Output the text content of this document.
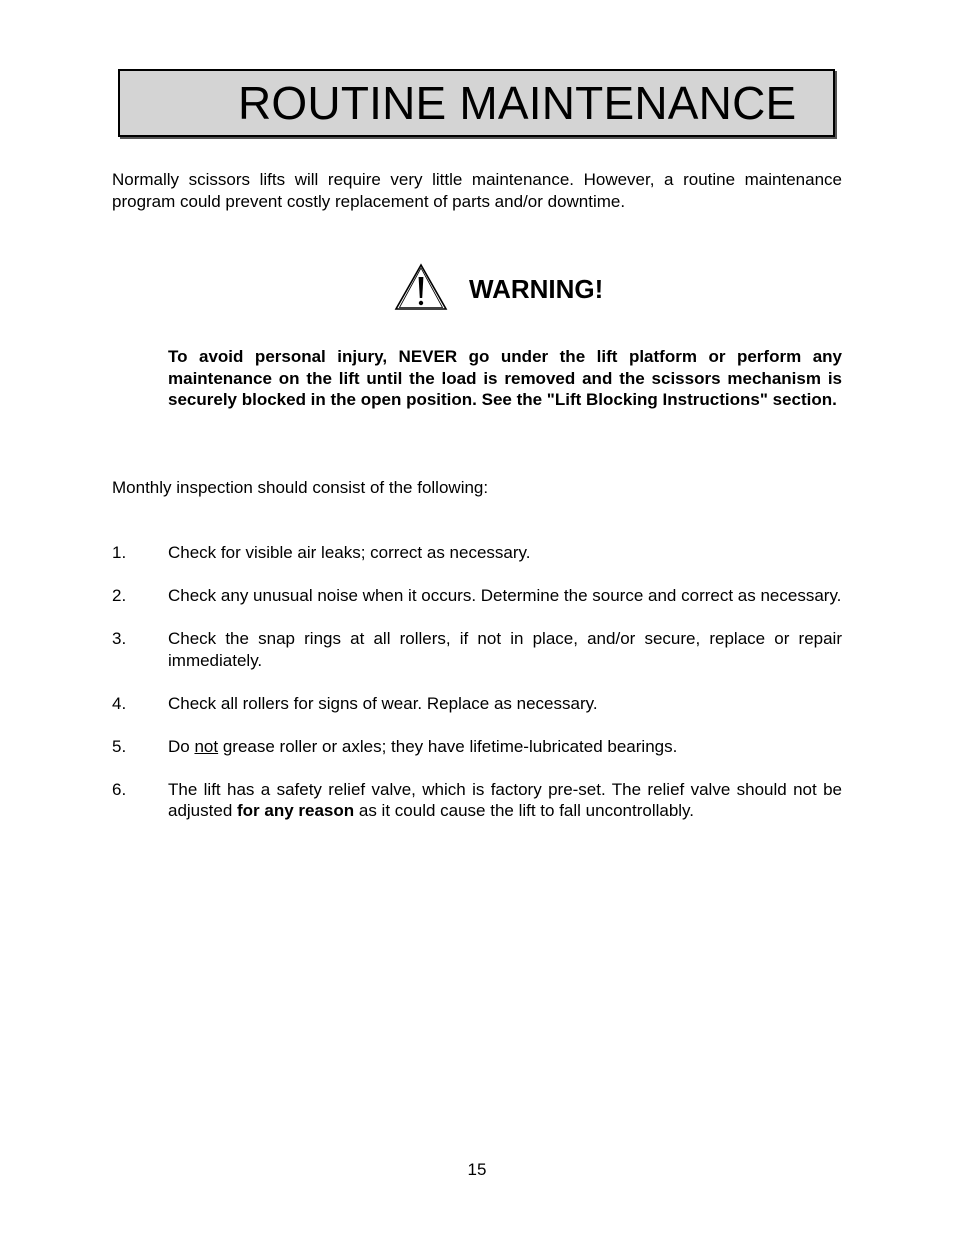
ROUTINE MAINTENANCE
Normally scissors lifts will require very little maintenance. However, a routine maintenance program could prevent costly replacement of parts and/or downtime.
WARNING!
To avoid personal injury, NEVER go under the lift platform or perform any maintenance on the lift until the load is removed and the scissors mechanism is securely blocked in the open position. See the "Lift Blocking Instructions" section.
Monthly inspection should consist of the following:
1.	Check for visible air leaks; correct as necessary.
2.	Check any unusual noise when it occurs. Determine the source and correct as necessary.
3.	Check the snap rings at all rollers, if not in place, and/or secure, replace or repair immediately.
4.	Check all rollers for signs of wear. Replace as necessary.
5.	Do not grease roller or axles; they have lifetime-lubricated bearings.
6.	The lift has a safety relief valve, which is factory pre-set. The relief valve should not be adjusted for any reason as it could cause the lift to fall uncontrollably.
15
